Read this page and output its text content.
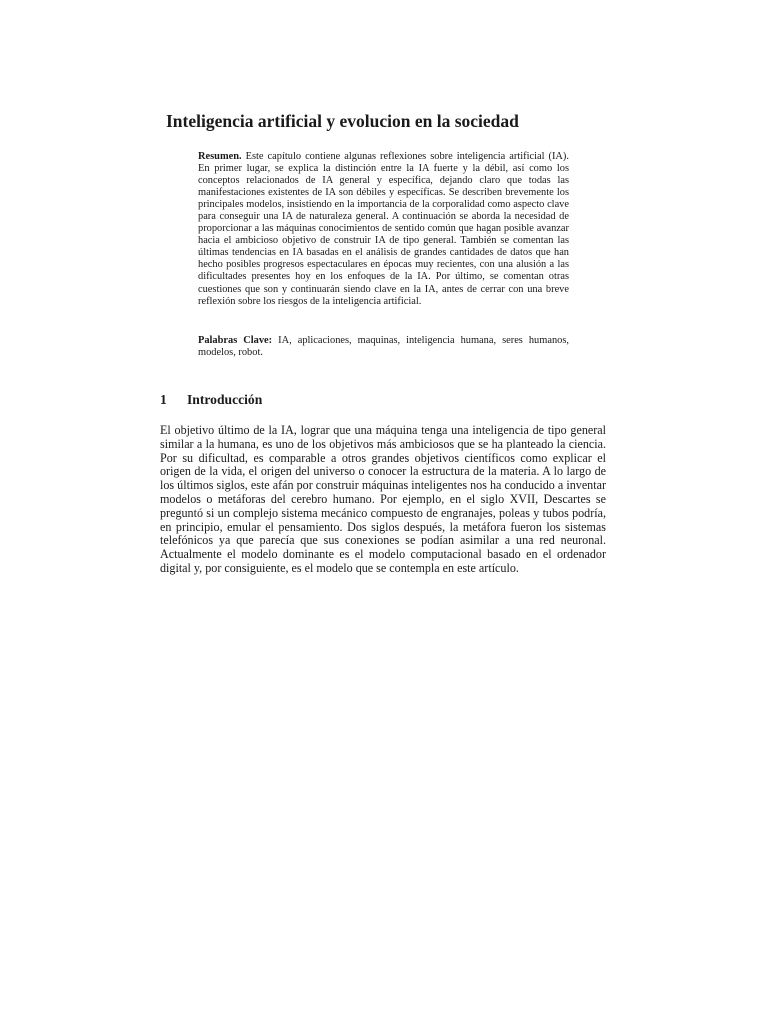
Inteligencia artificial y evolucion en la sociedad

Resumen. Este capítulo contiene algunas reflexiones sobre inteligencia artificial (IA). En primer lugar, se explica la distinción entre la IA fuerte y la débil, así como los conceptos relacionados de IA general y específica, dejando claro que todas las manifestaciones existentes de IA son débiles y específicas. Se describen brevemente los principales modelos, insistiendo en la importancia de la corporalidad como aspecto clave para conseguir una IA de naturaleza general. A continuación se aborda la necesidad de proporcionar a las máquinas conocimientos de sentido común que hagan posible avanzar hacia el ambicioso objetivo de construir IA de tipo general. También se comentan las últimas tendencias en IA basadas en el análisis de grandes cantidades de datos que han hecho posibles progresos espectaculares en épocas muy recientes, con una alusión a las dificultades presentes hoy en los enfoques de la IA. Por último, se comentan otras cuestiones que son y continuarán siendo clave en la IA, antes de cerrar con una breve reflexión sobre los riesgos de la inteligencia artificial.

Palabras Clave: IA, aplicaciones, maquinas, inteligencia humana, seres humanos, modelos, robot.

1 Introducción

El objetivo último de la IA, lograr que una máquina tenga una inteligencia de tipo general similar a la humana, es uno de los objetivos más ambiciosos que se ha planteado la ciencia. Por su dificultad, es comparable a otros grandes objetivos científicos como explicar el origen de la vida, el origen del universo o conocer la estructura de la materia. A lo largo de los últimos siglos, este afán por construir máquinas inteligentes nos ha conducido a inventar modelos o metáforas del cerebro humano. Por ejemplo, en el siglo XVII, Descartes se preguntó si un complejo sistema mecánico compuesto de engranajes, poleas y tubos podría, en principio, emular el pensamiento. Dos siglos después, la metáfora fueron los sistemas telefónicos ya que parecía que sus conexiones se podían asimilar a una red neuronal. Actualmente el modelo dominante es el modelo computacional basado en el ordenador digital y, por consiguiente, es el modelo que se contempla en este artículo.
